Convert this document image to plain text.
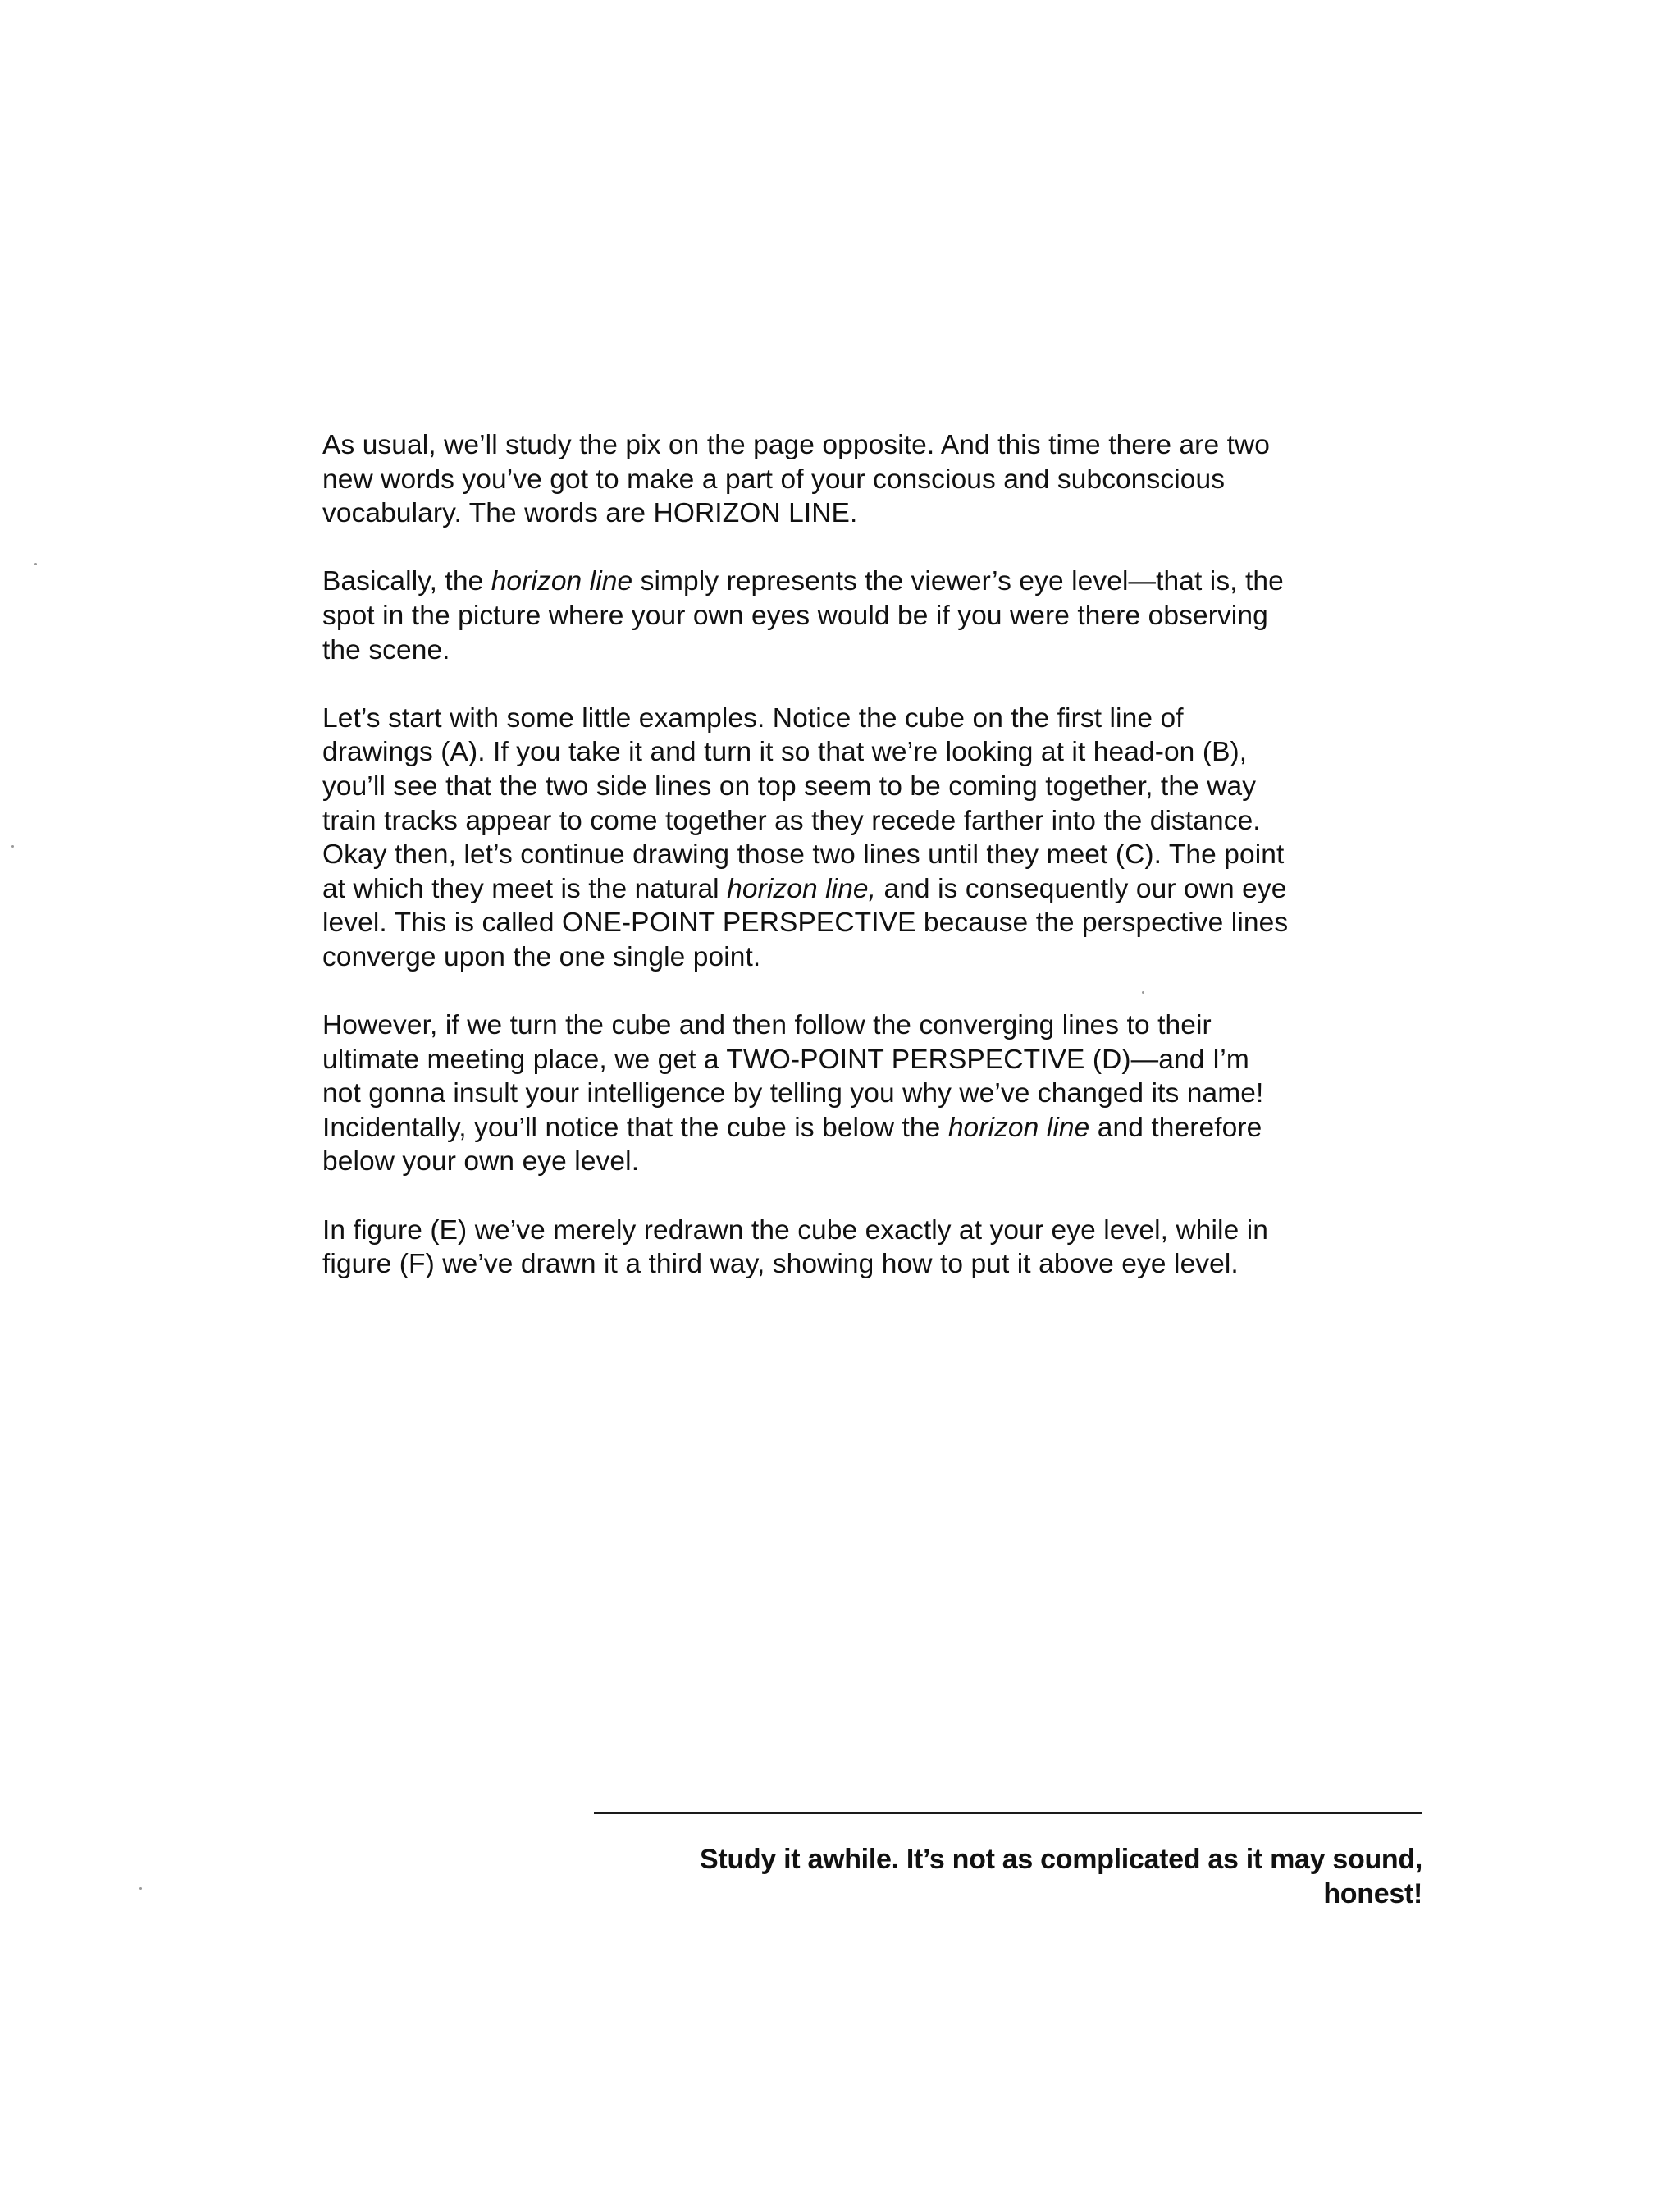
As usual, we’ll study the pix on the page opposite. And this time there are two new words you’ve got to make a part of your conscious and subconscious vocabulary. The words are HORIZON LINE.

Basically, the horizon line simply represents the viewer’s eye level—that is, the spot in the picture where your own eyes would be if you were there observing the scene.

Let’s start with some little examples. Notice the cube on the first line of drawings (A). If you take it and turn it so that we’re looking at it head-on (B), you’ll see that the two side lines on top seem to be coming together, the way train tracks appear to come together as they recede farther into the distance. Okay then, let’s continue drawing those two lines until they meet (C). The point at which they meet is the natural horizon line, and is consequently our own eye level. This is called ONE-POINT PERSPECTIVE because the perspective lines converge upon the one single point.

However, if we turn the cube and then follow the converging lines to their ultimate meeting place, we get a TWO-POINT PERSPECTIVE (D)—and I’m not gonna insult your intelligence by telling you why we’ve changed its name! Incidentally, you’ll notice that the cube is below the horizon line and therefore below your own eye level.

In figure (E) we’ve merely redrawn the cube exactly at your eye level, while in figure (F) we’ve drawn it a third way, showing how to put it above eye level.

Study it awhile. It’s not as complicated as it may sound, honest!
